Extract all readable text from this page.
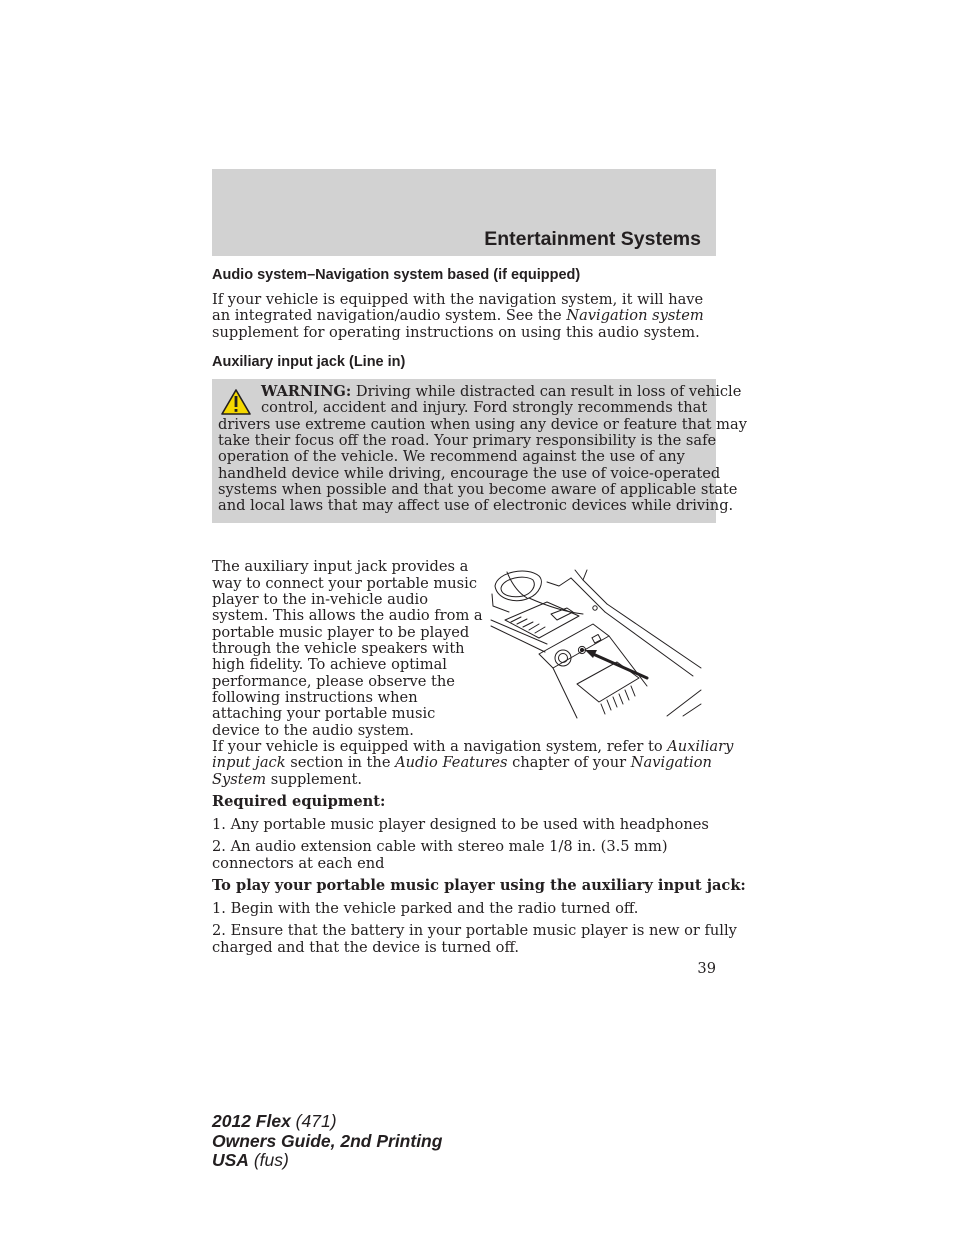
Entertainment Systems
Audio system–Navigation system based (if equipped)

If your vehicle is equipped with the navigation system, it will have an integrated navigation/audio system. See the Navigation system supplement for operating instructions on using this audio system.

Auxiliary input jack (Line in)

WARNING: Driving while distracted can result in loss of vehicle

control, accident and injury. Ford strongly recommends that

drivers use extreme caution when using any device or feature that may

take their focus off the road. Your primary responsibility is the safe

operation of the vehicle. We recommend against the use of any

handheld device while driving, encourage the use of voice-operated

systems when possible and that you become aware of applicable state

and local laws that may affect use of electronic devices while driving.

The auxiliary input jack provides a

way to connect your portable music

player to the in-vehicle audio

system. This allows the audio from a

portable music player to be played

through the vehicle speakers with

high fidelity. To achieve optimal

performance, please observe the

following instructions when

attaching your portable music

device to the audio system.

If your vehicle is equipped with a navigation system, refer to Auxiliary

input jack section in the Audio Features chapter of your Navigation

System supplement.

Required equipment:

1. Any portable music player designed to be used with headphones

2. An audio extension cable with stereo male 1/8 in. (3.5 mm)

connectors at each end

To play your portable music player using the auxiliary input jack:

1. Begin with the vehicle parked and the radio turned off.

2. Ensure that the battery in your portable music player is new or fully

charged and that the device is turned off.

39

2012 Flex (471)
Owners Guide, 2nd Printing
USA (fus)
